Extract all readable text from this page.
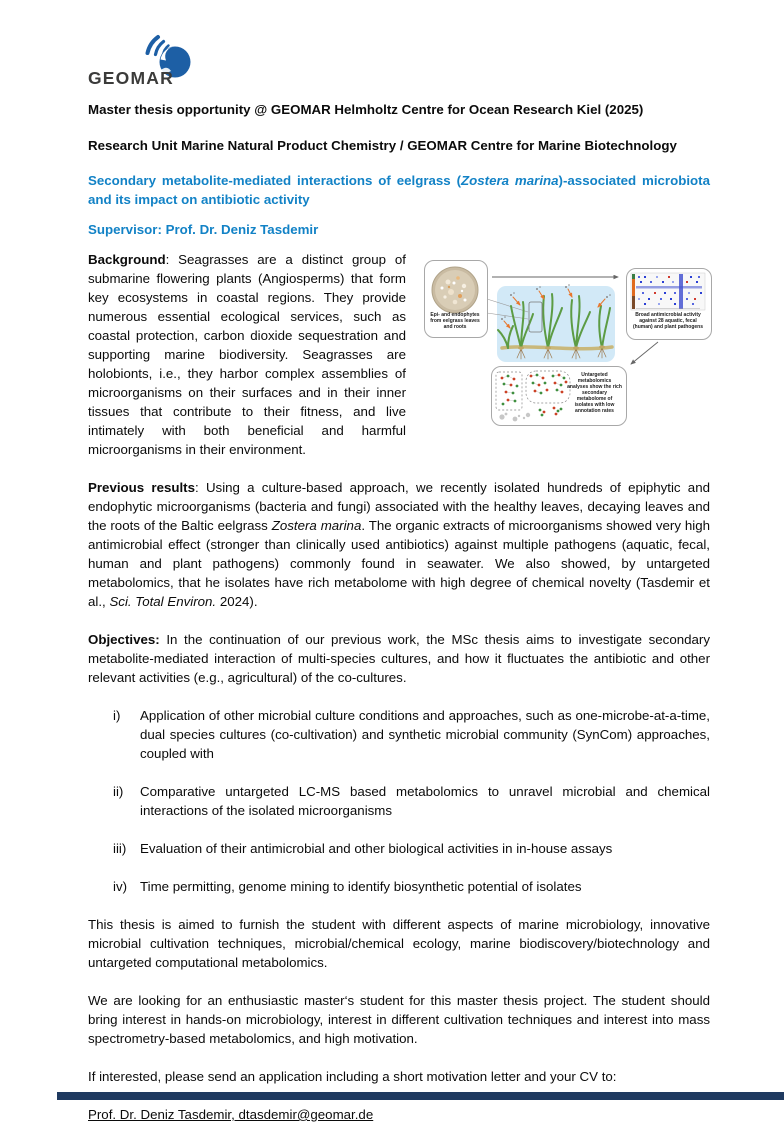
GEOMAR

Master thesis opportunity @ GEOMAR Helmholtz Centre for Ocean Research Kiel (2025)

Research Unit Marine Natural Product Chemistry / GEOMAR Centre for Marine Biotechnology

Secondary metabolite-mediated interactions of eelgrass (Zostera marina)-associated microbiota and its impact on antibiotic activity

Supervisor: Prof. Dr. Deniz Tasdemir

Epi- and endophytes from eelgrass leaves and roots
Broad antimicrobial activity against 28 aquatic, fecal (human) and plant pathogens
Untargeted metabolomics analyses show the rich secondary metabolome of isolates with low annotation rates
Background: Seagrasses are a distinct group of submarine flowering plants (Angiosperms) that form key ecosystems in coastal regions. They provide numerous essential ecological services, such as coastal protection, carbon dioxide sequestration and supporting marine biodiversity. Seagrasses are holobionts, i.e., they harbor complex assemblies of microorganisms on their surfaces and in their inner tissues that contribute to their fitness, and live intimately with both beneficial and harmful microorganisms in their environment.

Previous results: Using a culture-based approach, we recently isolated hundreds of epiphytic and endophytic microorganisms (bacteria and fungi) associated with the healthy leaves, decaying leaves and the roots of the Baltic eelgrass Zostera marina. The organic extracts of microorganisms showed very high antimicrobial effect (stronger than clinically used antibiotics) against multiple pathogens (aquatic, fecal, human and plant pathogens) commonly found in seawater. We also showed, by untargeted metabolomics, that he isolates have rich metabolome with high degree of chemical novelty (Tasdemir et al., Sci. Total Environ. 2024).

Objectives: In the continuation of our previous work, the MSc thesis aims to investigate secondary metabolite-mediated interaction of multi-species cultures, and how it fluctuates the antibiotic and other relevant activities (e.g., agricultural) of the co-cultures.

i)	Application of other microbial culture conditions and approaches, such as one-microbe-at-a-time, dual species cultures (co-cultivation) and synthetic microbial community (SynCom) approaches, coupled with
ii)	Comparative untargeted LC-MS based metabolomics to unravel microbial and chemical interactions of the isolated microorganisms
iii)	Evaluation of their antimicrobial and other biological activities in in-house assays
iv) Time permitting, genome mining to identify biosynthetic potential of isolates

This thesis is aimed to furnish the student with different aspects of marine microbiology, innovative microbial cultivation techniques, microbial/chemical ecology, marine biodiscovery/biotechnology and untargeted computational metabolomics.

We are looking for an enthusiastic master‘s student for this master thesis project. The student should bring interest in hands-on microbiology, interest in different cultivation techniques and interest into mass spectrometry-based metabolomics, and high motivation.

If interested, please send an application including a short motivation letter and your CV to:

Prof. Dr. Deniz Tasdemir, dtasdemir@geomar.de
